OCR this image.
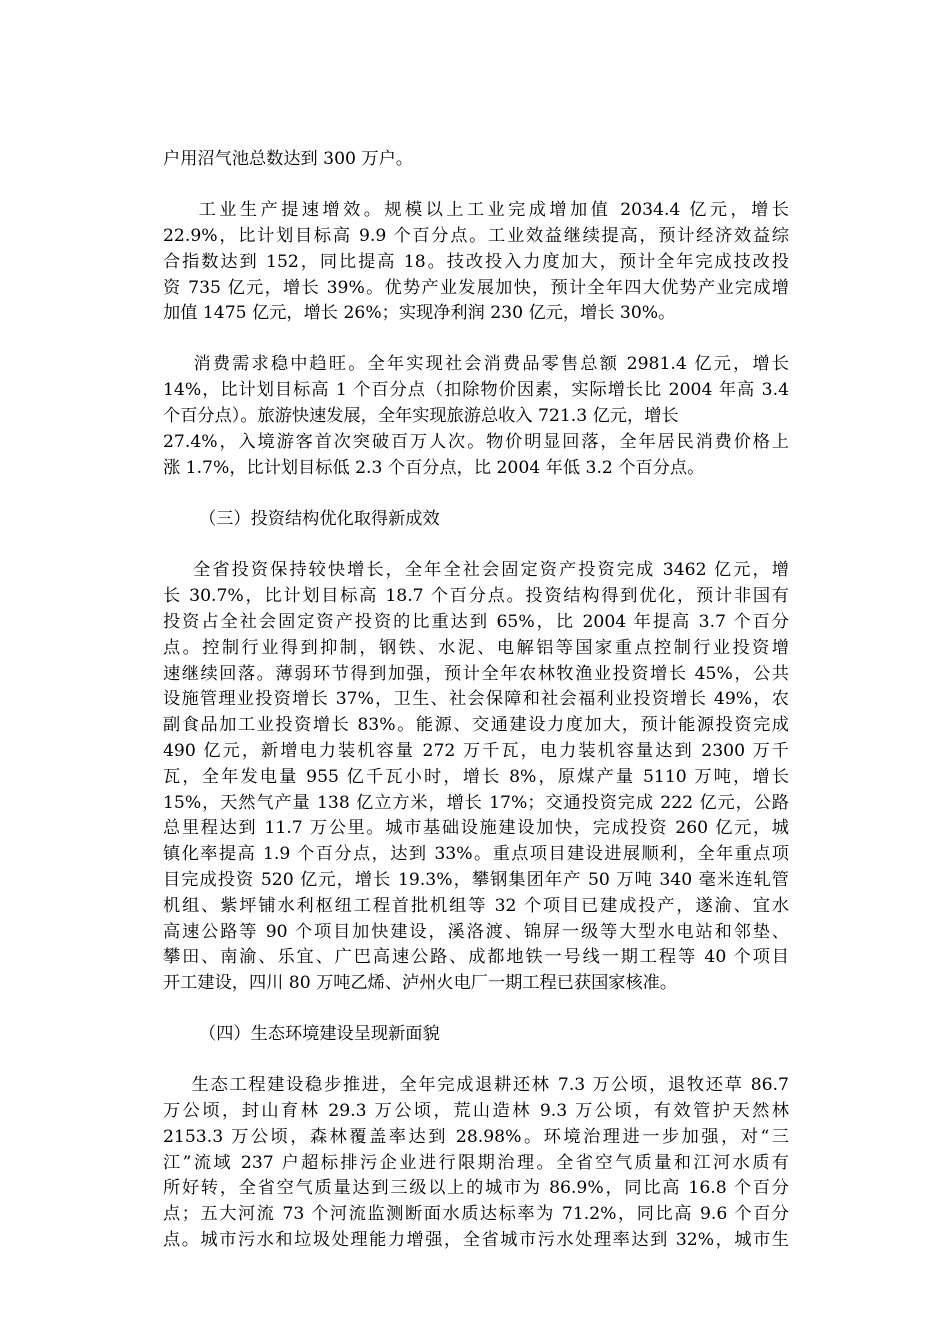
户用沼气池总数达到 300 万户。
工业生产提速增效。规模以上工业完成增加值 2034.4 亿元，增长
22.9%，比计划目标高 9.9 个百分点。工业效益继续提高，预计经济效益综
合指数达到 152，同比提高 18。技改投入力度加大，预计全年完成技改投
资 735 亿元，增长 39%。优势产业发展加快，预计全年四大优势产业完成增
加值 1475 亿元，增长 26%；实现净利润 230 亿元，增长 30%。
消费需求稳中趋旺。全年实现社会消费品零售总额 2981.4 亿元，增长
14%，比计划目标高 1 个百分点（扣除物价因素，实际增长比 2004 年高 3.4
个百分点）。旅游快速发展，全年实现旅游总收入 721.3 亿元，增长
27.4%，入境游客首次突破百万人次。物价明显回落，全年居民消费价格上
涨 1.7%，比计划目标低 2.3 个百分点，比 2004 年低 3.2 个百分点。
（三）投资结构优化取得新成效
全省投资保持较快增长，全年全社会固定资产投资完成 3462 亿元，增
长 30.7%，比计划目标高 18.7 个百分点。投资结构得到优化，预计非国有
投资占全社会固定资产投资的比重达到 65%，比 2004 年提高 3.7 个百分
点。控制行业得到抑制，钢铁、水泥、电解铝等国家重点控制行业投资增
速继续回落。薄弱环节得到加强，预计全年农林牧渔业投资增长 45%，公共
设施管理业投资增长 37%，卫生、社会保障和社会福利业投资增长 49%，农
副食品加工业投资增长 83%。能源、交通建设力度加大，预计能源投资完成
490 亿元，新增电力装机容量 272 万千瓦，电力装机容量达到 2300 万千
瓦，全年发电量 955 亿千瓦小时，增长 8%，原煤产量 5110 万吨，增长
15%，天然气产量 138 亿立方米，增长 17%；交通投资完成 222 亿元，公路
总里程达到 11.7 万公里。城市基础设施建设加快，完成投资 260 亿元，城
镇化率提高 1.9 个百分点，达到 33%。重点项目建设进展顺利，全年重点项
目完成投资 520 亿元，增长 19.3%，攀钢集团年产 50 万吨 340 毫米连轧管
机组、紫坪铺水利枢纽工程首批机组等 32 个项目已建成投产，遂渝、宜水
高速公路等 90 个项目加快建设，溪洛渡、锦屏一级等大型水电站和邻垫、
攀田、南渝、乐宜、广巴高速公路、成都地铁一号线一期工程等 40 个项目
开工建设，四川 80 万吨乙烯、泸州火电厂一期工程已获国家核准。
（四）生态环境建设呈现新面貌
生态工程建设稳步推进，全年完成退耕还林 7.3 万公顷，退牧还草 86.7
万公顷，封山育林 29.3 万公顷，荒山造林 9.3 万公顷，有效管护天然林
2153.3 万公顷，森林覆盖率达到 28.98%。环境治理进一步加强，对“三
江”流域 237 户超标排污企业进行限期治理。全省空气质量和江河水质有
所好转，全省空气质量达到三级以上的城市为 86.9%，同比高 16.8 个百分
点；五大河流 73 个河流监测断面水质达标率为 71.2%，同比高 9.6 个百分
点。城市污水和垃圾处理能力增强，全省城市污水处理率达到 32%，城市生
